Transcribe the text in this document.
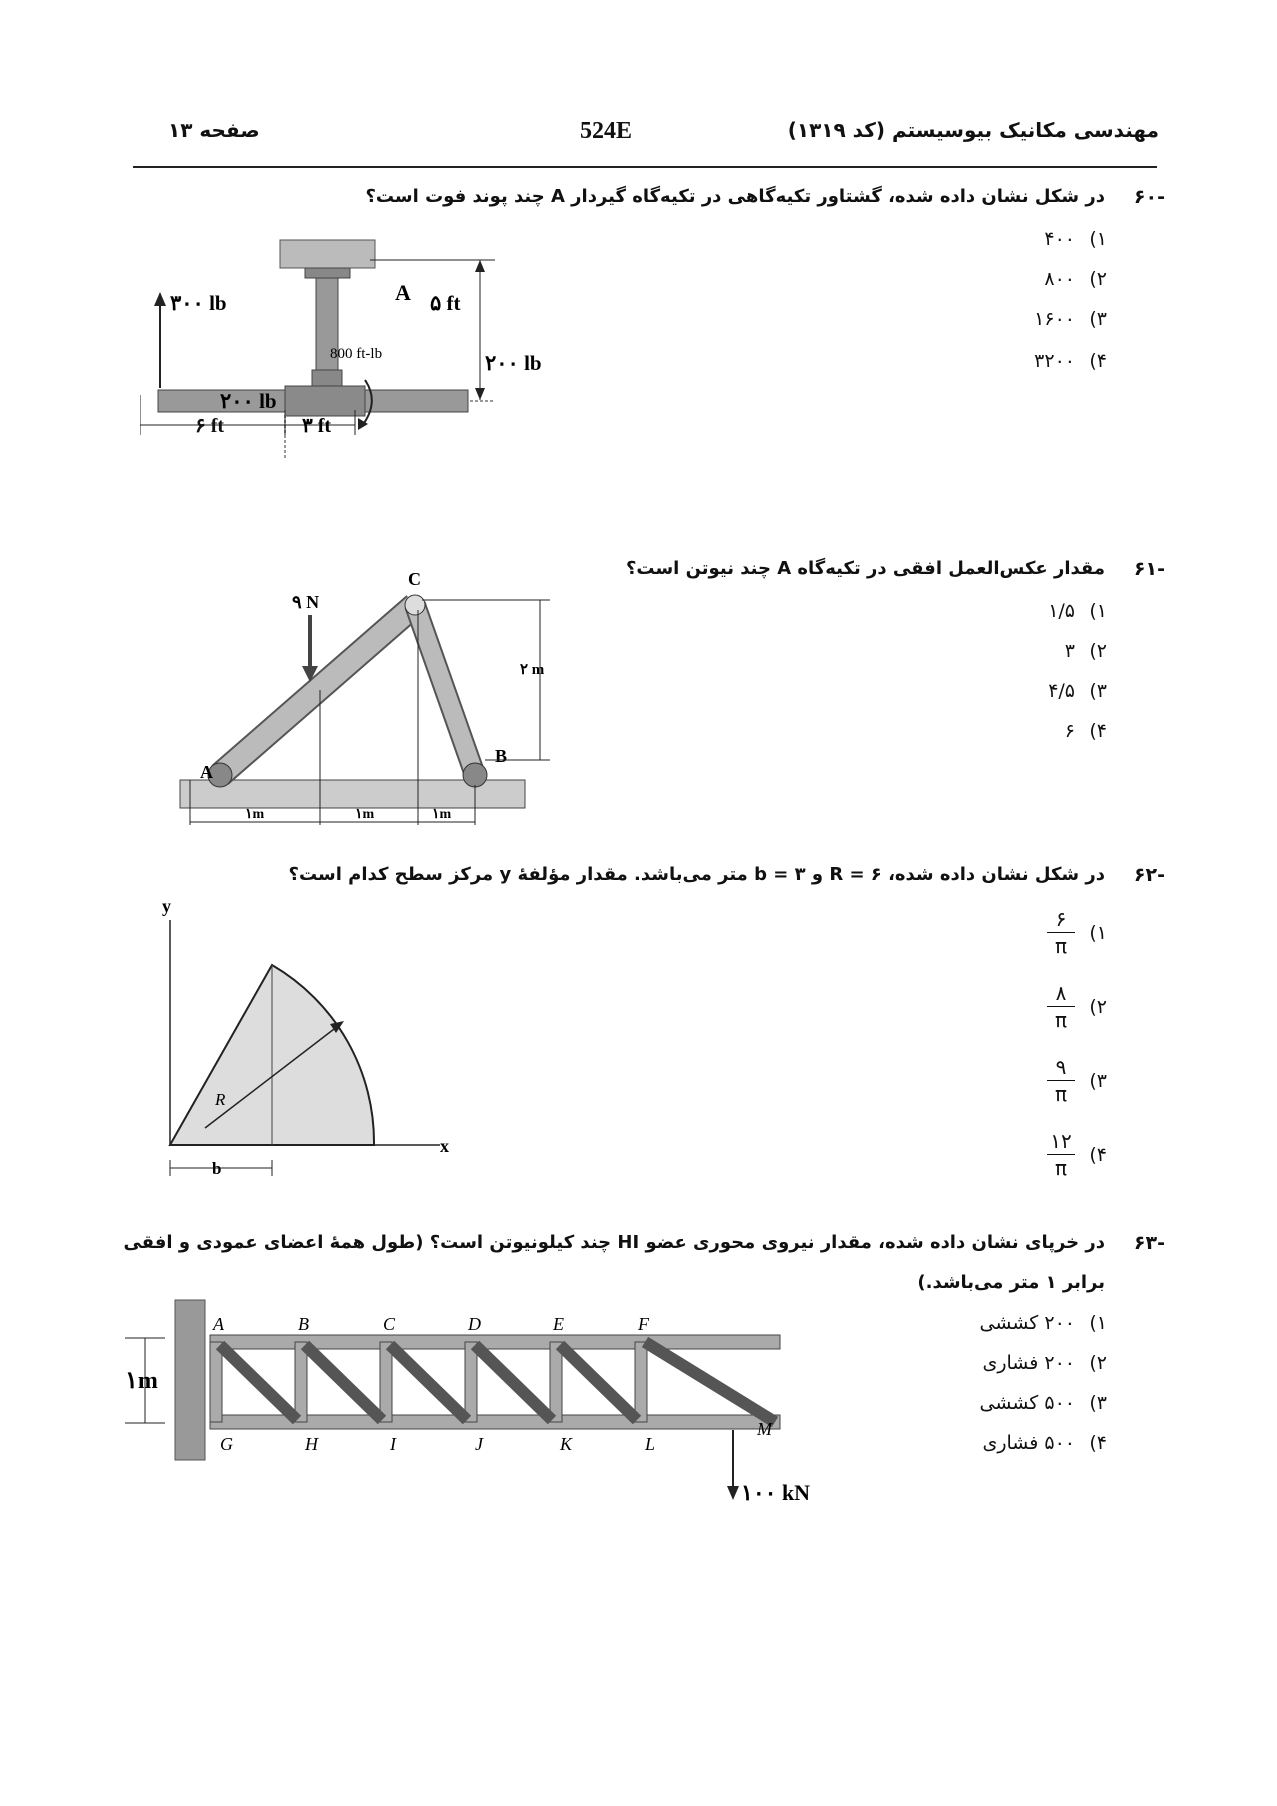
صفحه ۱۳	524E	مهندسی مکانیک بیوسیستم (کد ۱۳۱۹)
-۶۰
در شکل نشان داده شده، گشتاور تکیه‌گاهی در تکیه‌گاه گیردار A چند پوند فوت است؟
۱)
۴۰۰
۲)
۸۰۰
۳)
۱۶۰۰
۴)
۳۲۰۰
A ۵ ft
۳۰۰ lb
800 ft-lb	۲۰۰ lb
۲۰۰ lb
۶ ft	۳ ft
-۶۱
مقدار عکس‌العمل افقی در تکیه‌گاه A چند نیوتن است؟
۱)
۱/۵
۲)
۳
۳)
۴/۵
۴)
۶
A
B
C
۹ N
۲ m
۱m	۱m	۱m
-۶۲
در شکل نشان داده شده، R = ۶ و b = ۳ متر می‌باشد. مقدار مؤلفهٔ y مرکز سطح کدام است؟
۱)
$\frac{۶}{\pi}$
۲)
$\frac{۸}{\pi}$
۳)
$\frac{۹}{\pi}$
۴)
$\frac{۱۲}{\pi}$
y
x
R
b
-۶۳
در خرپای نشان داده شده، مقدار نیروی محوری عضو HI چند کیلونیوتن است؟ (طول همهٔ اعضای عمودی و افقی
برابر ۱ متر می‌باشد.)
۱)
۲۰۰ کششی
۲)
۲۰۰ فشاری
۳)
۵۰۰ کششی
۴)
۵۰۰ فشاری
۱m
A	B	C	D	E	F
G	H	I	J	K	L
M
۱۰۰ kN
